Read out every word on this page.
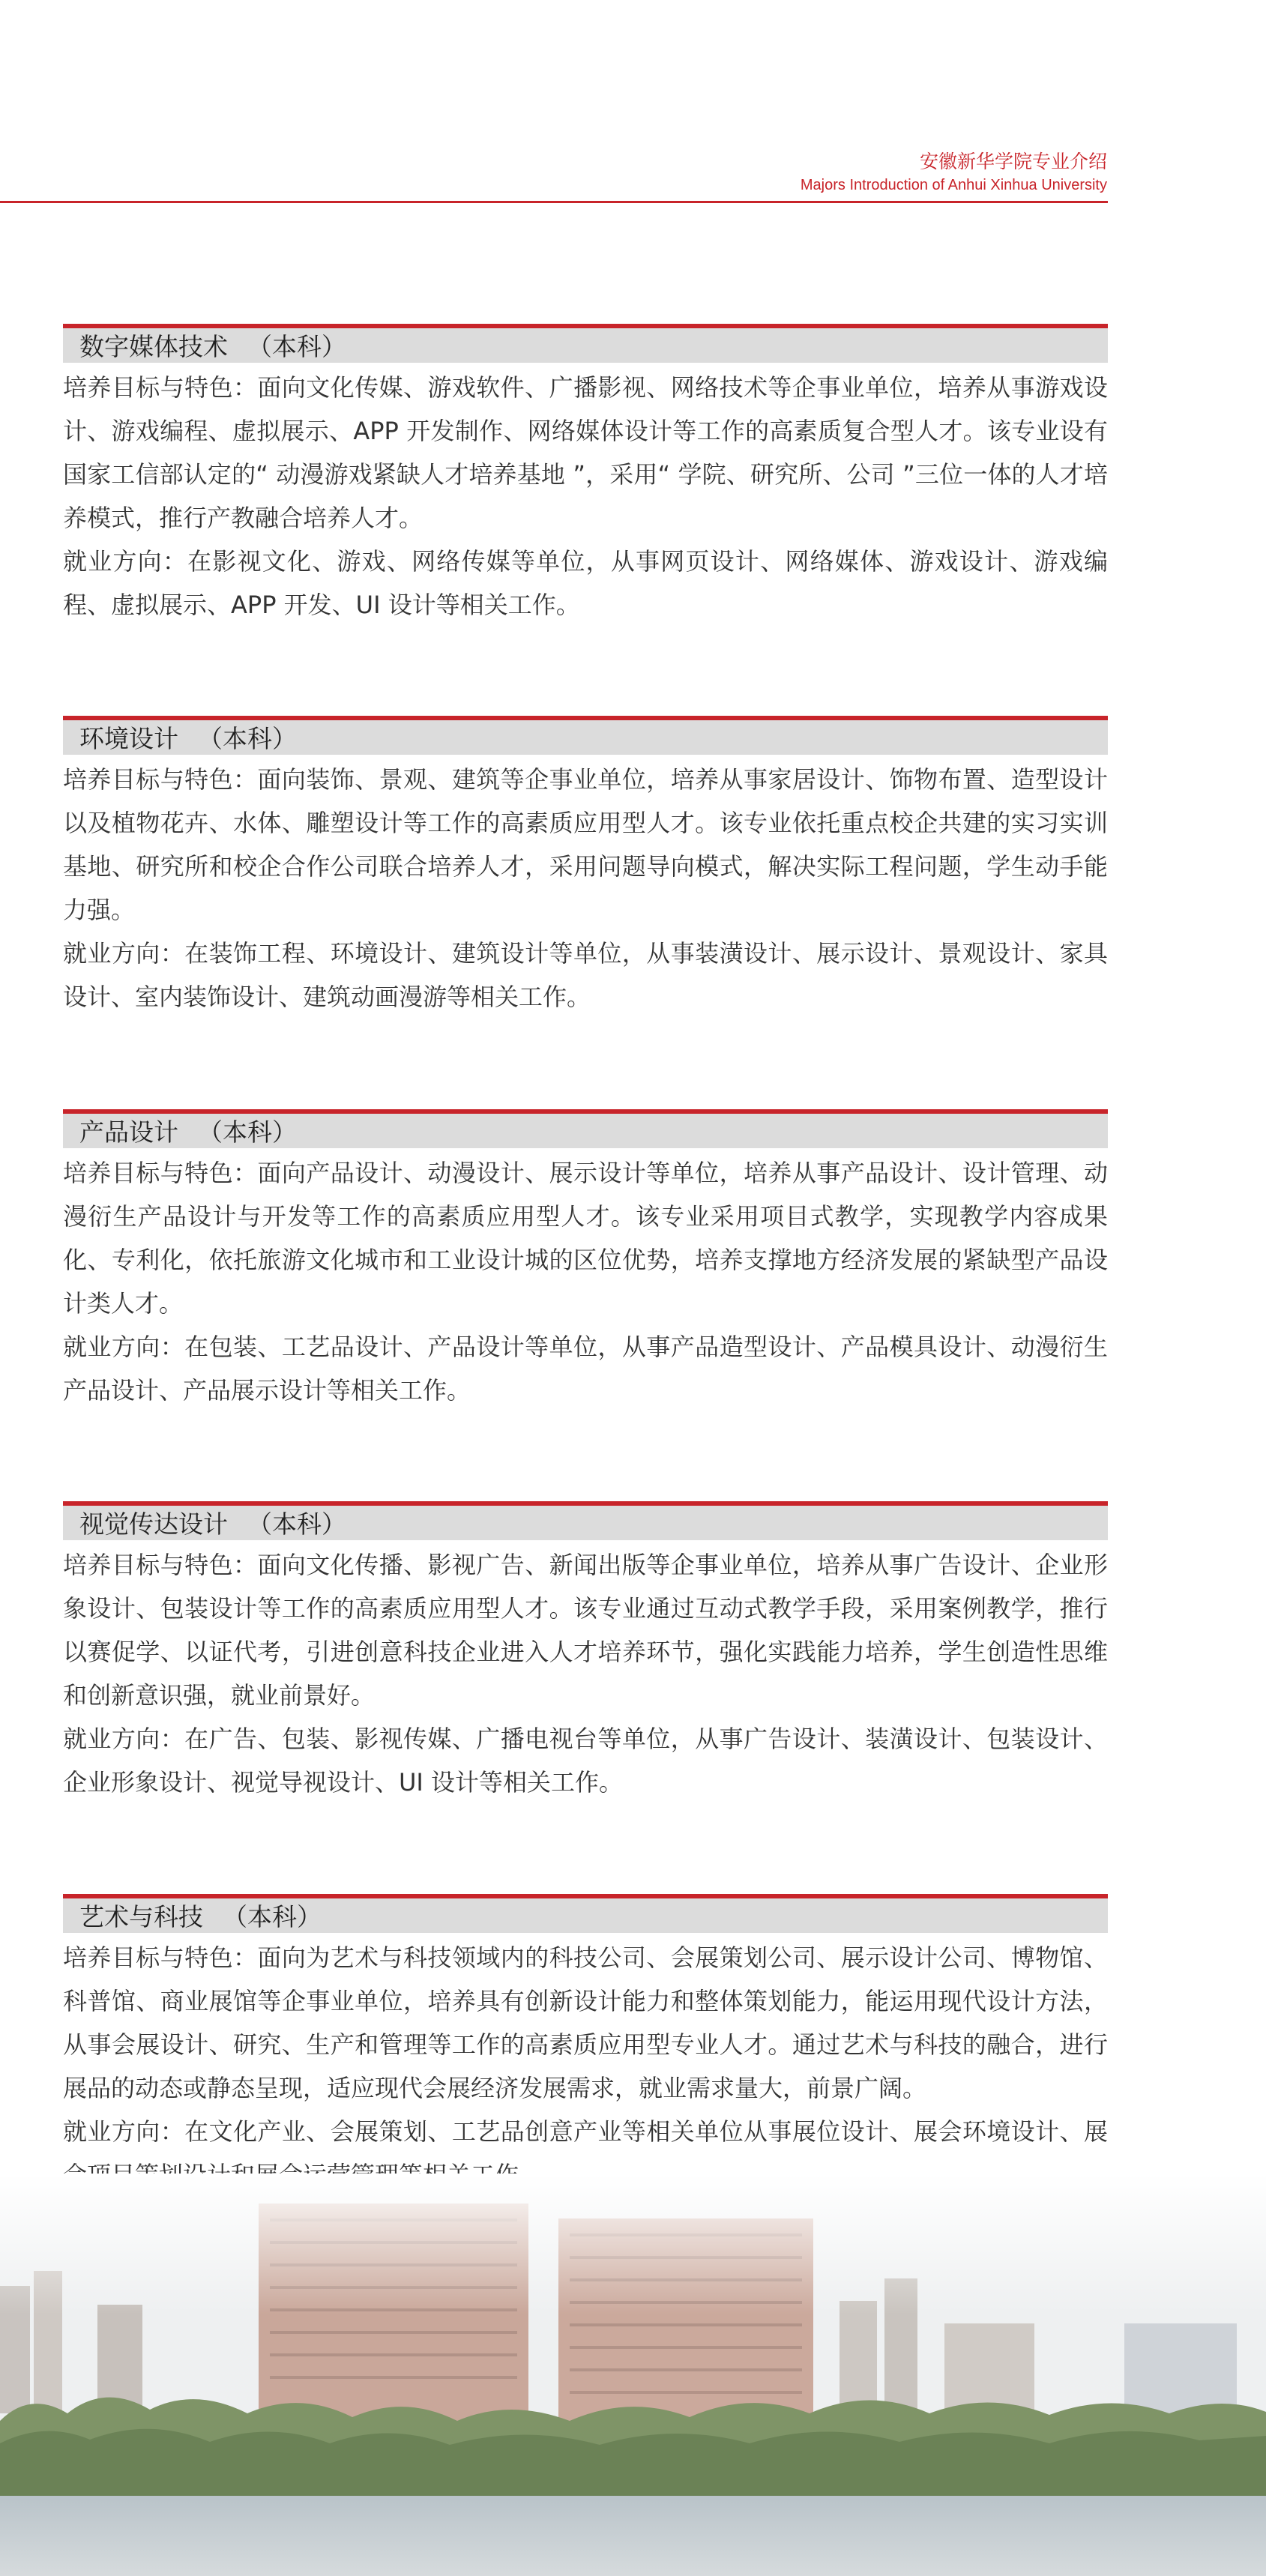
安徽新华学院专业介绍
Majors Introduction of Anhui Xinhua University
数字媒体技术 （本科）

培养目标与特色：面向文化传媒、游戏软件、广播影视、网络技术等企事业单位，培养从事游戏设计、游戏编程、虚拟展示、APP 开发制作、网络媒体设计等工作的高素质复合型人才。该专业设有国家工信部认定的“ 动漫游戏紧缺人才培养基地 ”，采用“ 学院、研究所、公司 ”三位一体的人才培养模式，推行产教融合培养人才。

就业方向：在影视文化、游戏、网络传媒等单位，从事网页设计、网络媒体、游戏设计、游戏编程、虚拟展示、APP 开发、UI 设计等相关工作。

环境设计 （本科）

培养目标与特色：面向装饰、景观、建筑等企事业单位，培养从事家居设计、饰物布置、造型设计以及植物花卉、水体、雕塑设计等工作的高素质应用型人才。该专业依托重点校企共建的实习实训基地、研究所和校企合作公司联合培养人才，采用问题导向模式，解决实际工程问题，学生动手能力强。

就业方向：在装饰工程、环境设计、建筑设计等单位，从事装潢设计、展示设计、景观设计、家具设计、室内装饰设计、建筑动画漫游等相关工作。

产品设计 （本科）

培养目标与特色：面向产品设计、动漫设计、展示设计等单位，培养从事产品设计、设计管理、动漫衍生产品设计与开发等工作的高素质应用型人才。该专业采用项目式教学，实现教学内容成果化、专利化，依托旅游文化城市和工业设计城的区位优势，培养支撑地方经济发展的紧缺型产品设计类人才。

就业方向：在包装、工艺品设计、产品设计等单位，从事产品造型设计、产品模具设计、动漫衍生产品设计、产品展示设计等相关工作。

视觉传达设计 （本科）

培养目标与特色：面向文化传播、影视广告、新闻出版等企事业单位，培养从事广告设计、企业形象设计、包装设计等工作的高素质应用型人才。该专业通过互动式教学手段，采用案例教学，推行以赛促学、以证代考，引进创意科技企业进入人才培养环节，强化实践能力培养，学生创造性思维和创新意识强，就业前景好。

就业方向：在广告、包装、影视传媒、广播电视台等单位，从事广告设计、装潢设计、包装设计、企业形象设计、视觉导视设计、UI 设计等相关工作。

艺术与科技 （本科）

培养目标与特色：面向为艺术与科技领域内的科技公司、会展策划公司、展示设计公司、博物馆、科普馆、商业展馆等企事业单位，培养具有创新设计能力和整体策划能力，能运用现代设计方法，从事会展设计、研究、生产和管理等工作的高素质应用型专业人才。通过艺术与科技的融合，进行展品的动态或静态呈现，适应现代会展经济发展需求，就业需求量大，前景广阔。

就业方向：在文化产业、会展策划、工艺品创意产业等相关单位从事展位设计、展会环境设计、展
